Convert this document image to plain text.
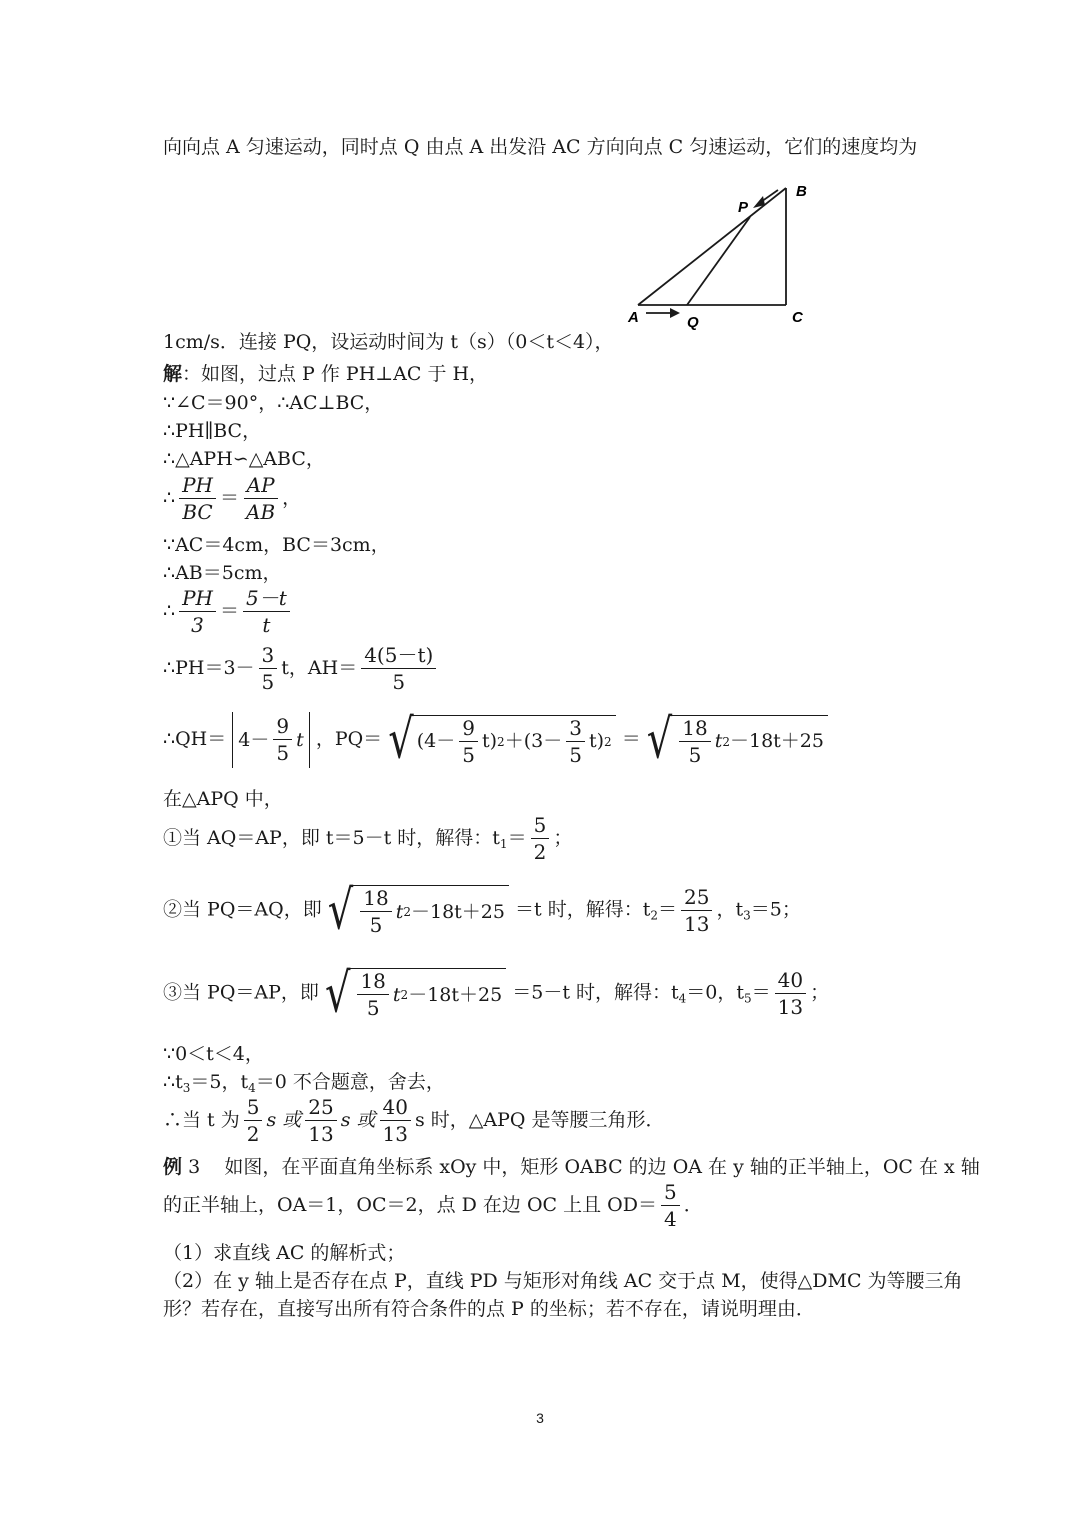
向向点 A 匀速运动，同时点 Q 由点 A 出发沿 AC 方向向点 C 匀速运动，它们的速度均为
B
P
A	Q	C
1cm/s．连接 PQ，设运动时间为 t（s）（0＜t＜4），
解：如图，过点 P 作 PH⊥AC 于 H，
∵∠C＝90°，∴AC⊥BC，
∴PH∥BC，
∴△APH∽△ABC，
∴ $\frac{PH}{BC} = \frac{AP}{AB}$ ，
∵AC＝4cm，BC＝3cm，
∴AB＝5cm，
∴ $\frac{PH}{3} = \frac{5-t}{t}$
∴PH＝3－ $\frac{3}{5}$ t，$AH= \frac{4(5-t)}{5}$
∴QH＝ $4- \frac{9}{5}$ t ，PQ＝ √ $(4- \frac{9}{5} t)$ $2 +(3- \frac{3}{5} t)$ 2 ＝ √ $\frac{18}{5}$ t 2 －18t＋25
在△APQ 中，
①当 AQ＝AP，即 t＝5－t 时，解得：$t_1= \frac{5}{2}$ ；
②当 PQ＝AQ，即 √ $\frac{18}{5}$ t 2 －18t＋25 ＝t 时，解得：$t_2= \frac{25}{13}$ ，$t_3=5$；
③当 PQ＝AP，即 √ $\frac{18}{5}$ t 2 －18t＋25 ＝5－t 时，解得：$t_4=0$，$t_5= \frac{40}{13}$ ；
∵0＜t＜4，
$\therefore t_3=5$，$t_4=0$ 不合题意，舍去，
∴当 t 为 $\frac{5}{2}$ s 或 $\frac{25}{13}$ s 或 $\frac{40}{13}$ s 时，△APQ 是等腰三角形．
例 3 如图，在平面直角坐标系 xOy 中，矩形 OABC 的边 OA 在 y 轴的正半轴上，OC 在 x 轴
的正半轴上，OA＝1，OC＝2，点 D 在边 OC 上且 $OD= \frac{5}{4}$ ．
（1）求直线 AC 的解析式；
（2）在 y 轴上是否存在点 P，直线 PD 与矩形对角线 AC 交于点 M，使得△DMC 为等腰三角
形？若存在，直接写出所有符合条件的点 P 的坐标；若不存在，请说明理由．
3
